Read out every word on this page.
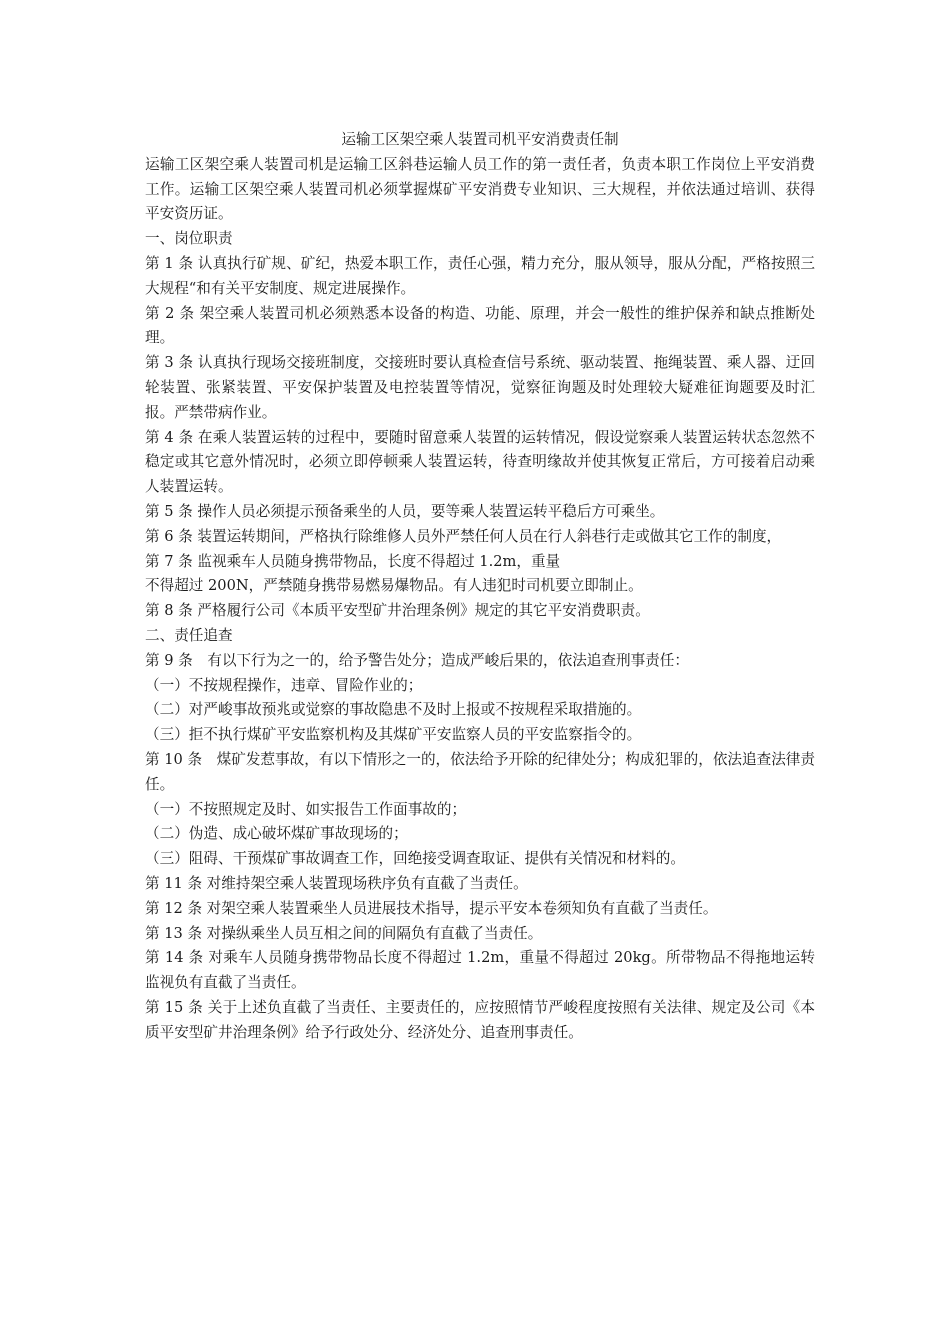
运输工区架空乘人装置司机平安消费责任制

运输工区架空乘人装置司机是运输工区斜巷运输人员工作的第一责任者，负责本职工作岗位上平安消费工作。运输工区架空乘人装置司机必须掌握煤矿平安消费专业知识、三大规程，并依法通过培训、获得平安资历证。

一、岗位职责

第 1 条 认真执行矿规、矿纪，热爱本职工作，责任心强，精力充分，服从领导，服从分配，严格按照三大规程“和有关平安制度、规定进展操作。

第 2 条 架空乘人装置司机必须熟悉本设备的构造、功能、原理，并会一般性的维护保养和缺点推断处理。

第 3 条 认真执行现场交接班制度，交接班时要认真检查信号系统、驱动装置、拖绳装置、乘人器、迂回轮装置、张紧装置、平安保护装置及电控装置等情况，觉察征询题及时处理较大疑难征询题要及时汇报。严禁带病作业。

第 4 条 在乘人装置运转的过程中，要随时留意乘人装置的运转情况，假设觉察乘人装置运转状态忽然不稳定或其它意外情况时，必须立即停顿乘人装置运转，待查明缘故并使其恢复正常后，方可接着启动乘人装置运转。

第 5 条 操作人员必须提示预备乘坐的人员，要等乘人装置运转平稳后方可乘坐。

第 6 条 装置运转期间，严格执行除维修人员外严禁任何人员在行人斜巷行走或做其它工作的制度，

第 7 条 监视乘车人员随身携带物品，长度不得超过 1.2m，重量

不得超过 200N，严禁随身携带易燃易爆物品。有人违犯时司机要立即制止。

第 8 条 严格履行公司《本质平安型矿井治理条例》规定的其它平安消费职责。

二、责任追查

第 9 条　有以下行为之一的，给予警告处分；造成严峻后果的，依法追查刑事责任：

（一）不按规程操作，违章、冒险作业的；

（二）对严峻事故预兆或觉察的事故隐患不及时上报或不按规程采取措施的。

（三）拒不执行煤矿平安监察机构及其煤矿平安监察人员的平安监察指令的。

第 10 条　煤矿发惹事故，有以下情形之一的，依法给予开除的纪律处分；构成犯罪的，依法追查法律责任。

（一）不按照规定及时、如实报告工作面事故的；

（二）伪造、成心破坏煤矿事故现场的；

（三）阻碍、干预煤矿事故调查工作，回绝接受调查取证、提供有关情况和材料的。

第 11 条 对维持架空乘人装置现场秩序负有直截了当责任。

第 12 条 对架空乘人装置乘坐人员进展技术指导，提示平安本卷须知负有直截了当责任。

第 13 条 对操纵乘坐人员互相之间的间隔负有直截了当责任。

第 14 条 对乘车人员随身携带物品长度不得超过 1.2m，重量不得超过 20kg。所带物品不得拖地运转监视负有直截了当责任。

第 15 条 关于上述负直截了当责任、主要责任的，应按照情节严峻程度按照有关法律、规定及公司《本质平安型矿井治理条例》给予行政处分、经济处分、追查刑事责任。
